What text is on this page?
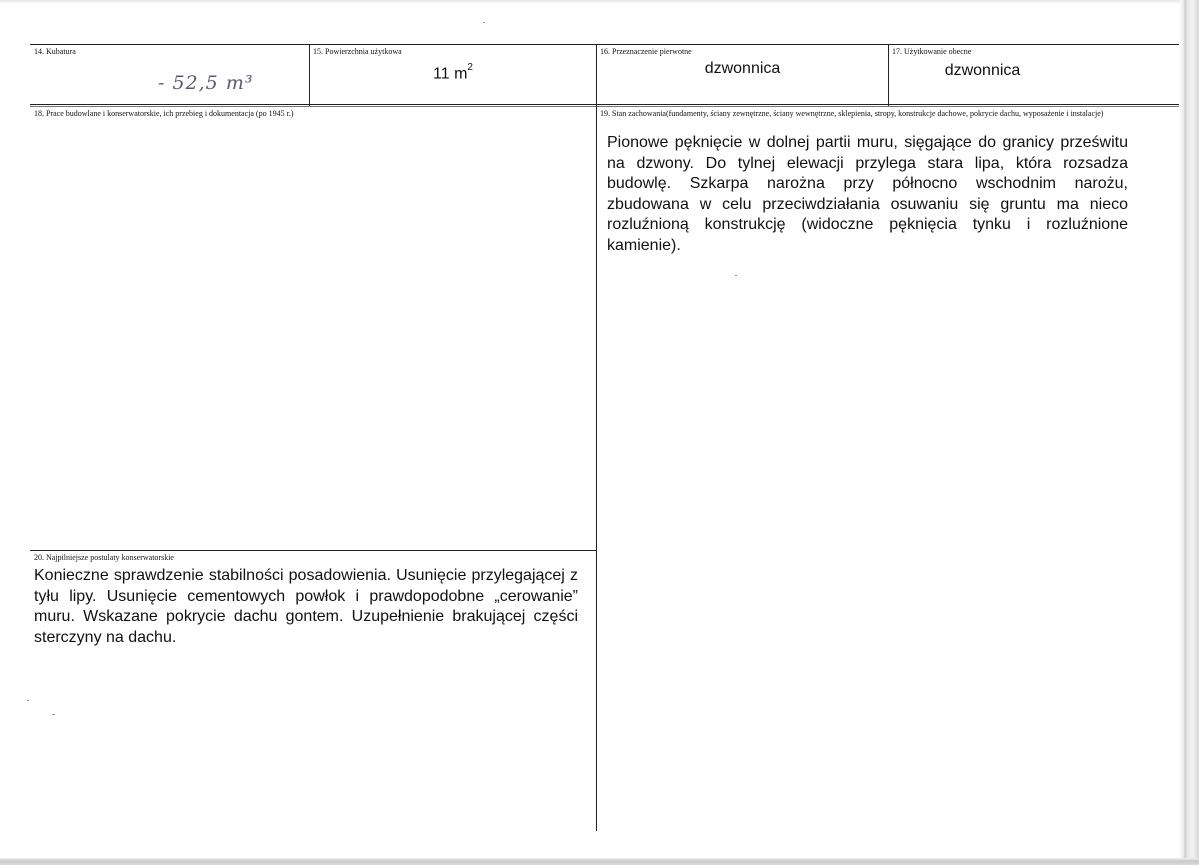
14. Kubatura
- 52,5 m³
15. Powierzchnia użytkowa
11 $m^2$
16. Przeznaczenie pierwotne
dzwonnica
17. Użytkowanie obecne
dzwonnica
18. Prace budowlane i konserwatorskie, ich przebieg i dokumentacja (po 1945 r.)	19. Stan zachowania(fundamenty, ściany zewnętrzne, ściany wewnętrzne, sklepienia, stropy, konstrukcje dachowe, pokrycie dachu, wyposażenie i instalacje)
Pionowe pęknięcie w dolnej partii muru, sięgające do granicy prześwitu na dzwony. Do tylnej elewacji przylega stara lipa, która rozsadza budowlę. Szkarpa narożna przy północno wschodnim narożu, zbudowana w celu przeciwdziałania osuwaniu się gruntu ma nieco rozluźnioną konstrukcję (widoczne pęknięcia tynku i rozluźnione kamienie).
20. Najpilniejsze postulaty konserwatorskie
Konieczne sprawdzenie stabilności posadowienia. Usunięcie przylegającej z tyłu lipy. Usunięcie cementowych powłok i prawdopodobne „cerowanie” muru. Wskazane pokrycie dachu gontem. Uzupełnienie brakującej części sterczyny na dachu.
